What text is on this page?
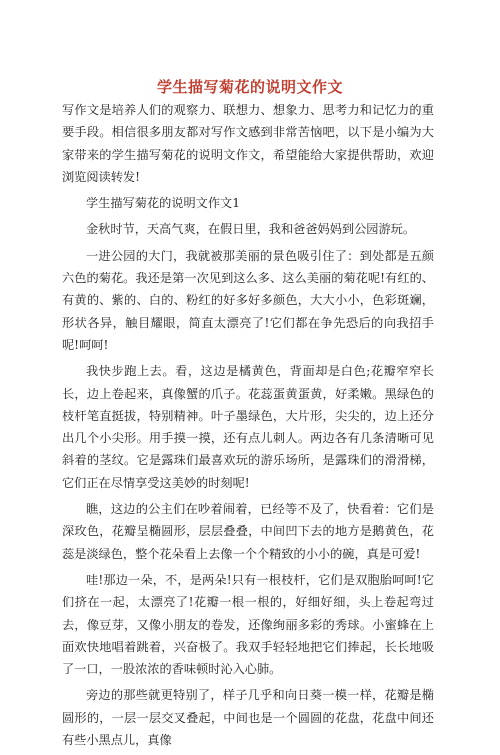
学生描写菊花的说明文作文

写作文是培养人们的观察力、联想力、想象力、思考力和记忆力的重要手段。相信很多朋友都对写作文感到非常苦恼吧，以下是小编为大家带来的学生描写菊花的说明文作文，希望能给大家提供帮助，欢迎浏览阅读转发!

学生描写菊花的说明文作文1

金秋时节，天高气爽，在假日里，我和爸爸妈妈到公园游玩。

一进公园的大门，我就被那美丽的景色吸引住了：到处都是五颜六色的菊花。我还是第一次见到这么多、这么美丽的菊花呢!有红的、有黄的、紫的、白的、粉红的好多好多颜色，大大小小，色彩斑斓，形状各异，触目耀眼，简直太漂亮了!它们都在争先恐后的向我招手呢!呵呵!

我快步跑上去。看，这边是橘黄色，背面却是白色;花瓣窄窄长长，边上卷起来，真像蟹的爪子。花蕊蛋黄蛋黄，好柔嫩。黑绿色的枝杆笔直挺拔，特别精神。叶子墨绿色，大片形，尖尖的，边上还分出几个小尖形。用手摸一摸，还有点儿刺人。两边各有几条清晰可见斜着的茎纹。它是露珠们最喜欢玩的游乐场所，是露珠们的滑滑梯，它们正在尽情享受这美妙的时刻呢!

瞧，这边的公主们在吵着闹着，已经等不及了，快看着：它们是深玫色，花瓣呈椭圆形，层层叠叠，中间凹下去的地方是鹅黄色，花蕊是淡绿色，整个花朵看上去像一个个精致的小小的碗，真是可爱!

哇!那边一朵，不，是两朵!只有一根枝杆，它们是双胞胎呵呵!它们挤在一起，太漂亮了!花瓣一根一根的，好细好细，头上卷起弯过去，像豆芽，又像小朋友的卷发，还像绚丽多彩的秀球。小蜜蜂在上面欢快地唱着跳着，兴奋极了。我双手轻轻地把它们捧起，长长地吸了一口，一股浓浓的香味顿时沁入心肺。

旁边的那些就更特别了，样子几乎和向日葵一模一样，花瓣是椭圆形的，一层一层交叉叠起，中间也是一个圆圆的花盘，花盘中间还有些小黑点儿，真像
